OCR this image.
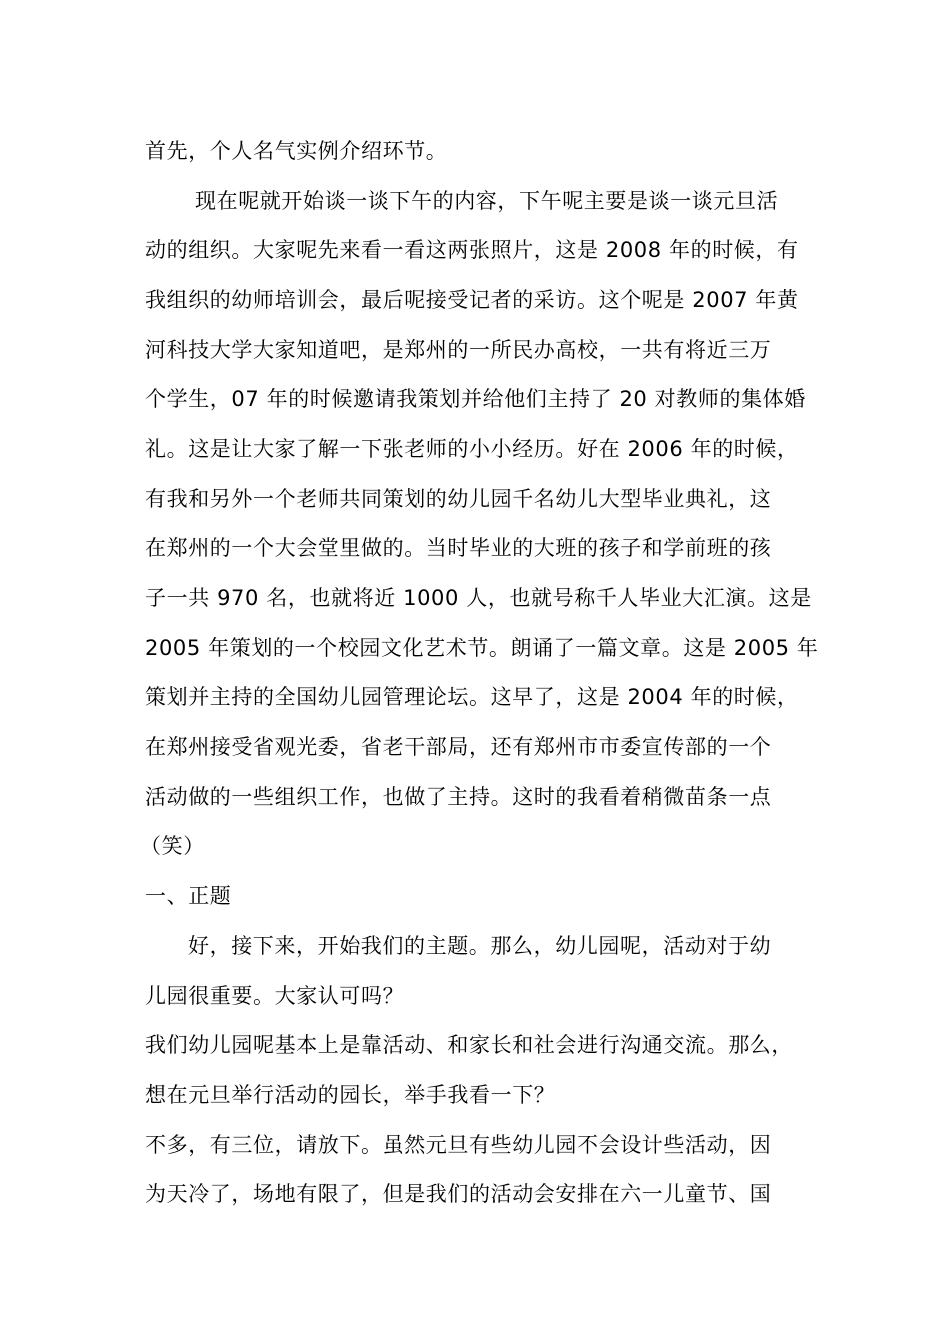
首先，个人名气实例介绍环节。
现在呢就开始谈一谈下午的内容，下午呢主要是谈一谈元旦活
动的组织。大家呢先来看一看这两张照片，这是 2008 年的时候，有
我组织的幼师培训会，最后呢接受记者的采访。这个呢是 2007 年黄
河科技大学大家知道吧，是郑州的一所民办高校，一共有将近三万
个学生，07 年的时候邀请我策划并给他们主持了 20 对教师的集体婚
礼。这是让大家了解一下张老师的小小经历。好在 2006 年的时候，
有我和另外一个老师共同策划的幼儿园千名幼儿大型毕业典礼，这
在郑州的一个大会堂里做的。当时毕业的大班的孩子和学前班的孩
子一共 970 名，也就将近 1000 人，也就号称千人毕业大汇演。这是
2005 年策划的一个校园文化艺术节。朗诵了一篇文章。这是 2005 年
策划并主持的全国幼儿园管理论坛。这早了，这是 2004 年的时候，
在郑州接受省观光委，省老干部局，还有郑州市市委宣传部的一个
活动做的一些组织工作，也做了主持。这时的我看着稍微苗条一点
（笑）
一、正题
好，接下来，开始我们的主题。那么，幼儿园呢，活动对于幼
儿园很重要。大家认可吗？
我们幼儿园呢基本上是靠活动、和家长和社会进行沟通交流。那么，
想在元旦举行活动的园长，举手我看一下？
不多，有三位，请放下。虽然元旦有些幼儿园不会设计些活动，因
为天冷了，场地有限了，但是我们的活动会安排在六一儿童节、国
